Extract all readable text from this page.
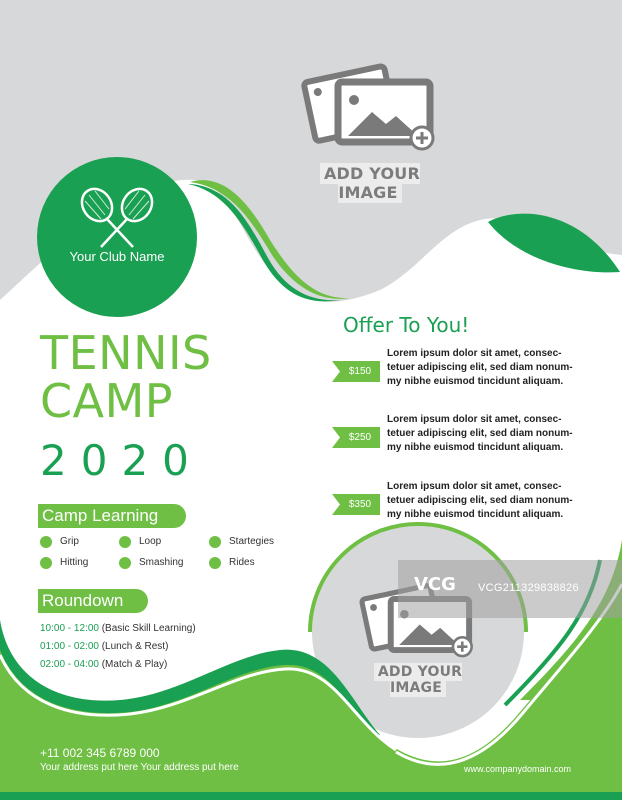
ADD YOUR IMAGE
ADD YOUR IMAGE
VCG VCG211329838826
Your Club Name
TENNIS
CAMP
2020
Camp Learning
Grip	Loop	Startegies
Hitting	Smashing	Rides
Roundown
10:00 - 12:00 (Basic Skill Learning)
01:00 - 02:00 (Lunch & Rest)
02:00 - 04:00 (Match & Play)
Offer To You!
$150
Lorem ipsum dolor sit amet, consec-
tetuer adipiscing elit, sed diam nonum-
my nibhe euismod tincidunt aliquam.
$250
Lorem ipsum dolor sit amet, consec-
tetuer adipiscing elit, sed diam nonum-
my nibhe euismod tincidunt aliquam.
$350
Lorem ipsum dolor sit amet, consec-
tetuer adipiscing elit, sed diam nonum-
my nibhe euismod tincidunt aliquam.
+11 002 345 6789 000
Your address put here Your address put here	www.companydomain.com
